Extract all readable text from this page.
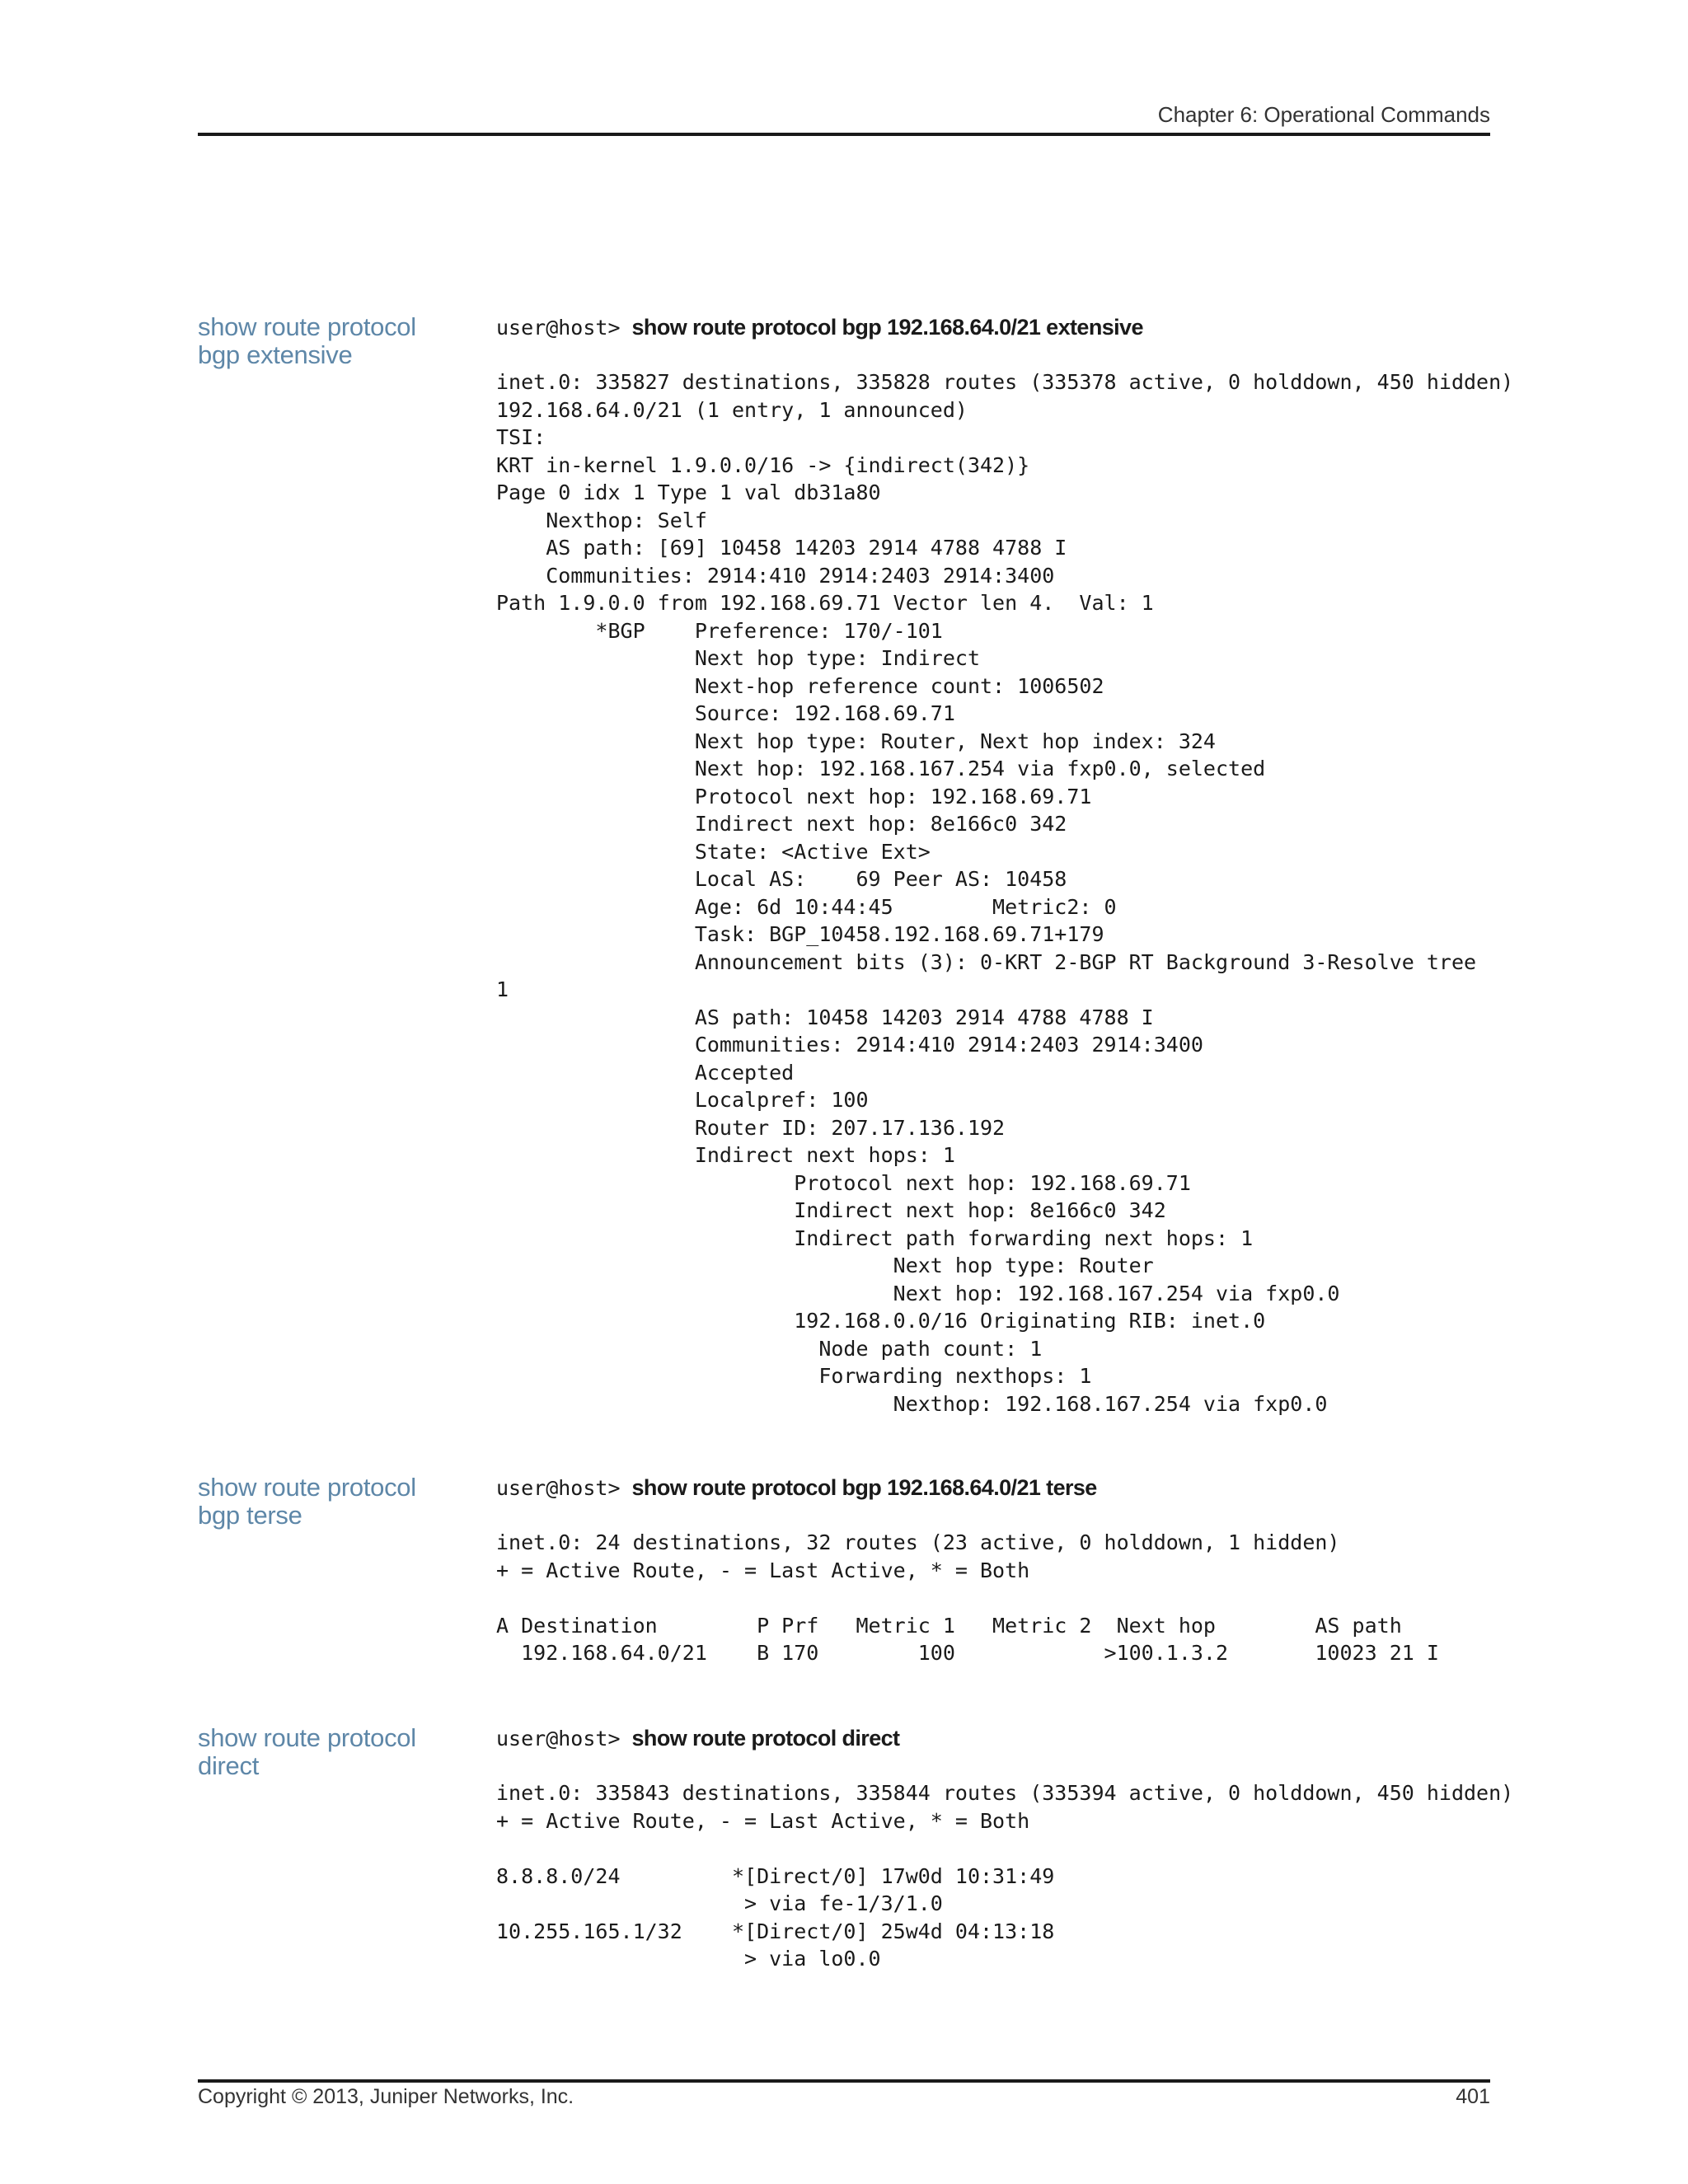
Chapter 6: Operational Commands
show route protocol bgp extensive
user@host> show route protocol bgp 192.168.64.0/21 extensive
inet.0: 335827 destinations, 335828 routes (335378 active, 0 holddown, 450 hidden)
192.168.64.0/21 (1 entry, 1 announced)
TSI:
KRT in-kernel 1.9.0.0/16 -> {indirect(342)}
Page 0 idx 1 Type 1 val db31a80
Nexthop: Self
AS path: [69] 10458 14203 2914 4788 4788 I
Communities: 2914:410 2914:2403 2914:3400
Path 1.9.0.0 from 192.168.69.71 Vector len 4.  Val: 1
*BGP    Preference: 170/-101
Next hop type: Indirect
Next-hop reference count: 1006502
Source: 192.168.69.71
Next hop type: Router, Next hop index: 324
Next hop: 192.168.167.254 via fxp0.0, selected
Protocol next hop: 192.168.69.71
Indirect next hop: 8e166c0 342
State: <Active Ext>
Local AS:    69 Peer AS: 10458
Age: 6d 10:44:45        Metric2: 0
Task: BGP_10458.192.168.69.71+179
Announcement bits (3): 0-KRT 2-BGP RT Background 3-Resolve tree
1
AS path: 10458 14203 2914 4788 4788 I
Communities: 2914:410 2914:2403 2914:3400
Accepted
Localpref: 100
Router ID: 207.17.136.192
Indirect next hops: 1
Protocol next hop: 192.168.69.71
Indirect next hop: 8e166c0 342
Indirect path forwarding next hops: 1
Next hop type: Router
Next hop: 192.168.167.254 via fxp0.0
192.168.0.0/16 Originating RIB: inet.0
Node path count: 1
Forwarding nexthops: 1
Nexthop: 192.168.167.254 via fxp0.0
show route protocol bgp terse
user@host> show route protocol bgp 192.168.64.0/21 terse
inet.0: 24 destinations, 32 routes (23 active, 0 holddown, 1 hidden)
+ = Active Route, - = Last Active, * = Both

A Destination        P Prf   Metric 1   Metric 2  Next hop        AS path
192.168.64.0/21    B 170        100            >100.1.3.2       10023 21 I
show route protocol direct
user@host> show route protocol direct
inet.0: 335843 destinations, 335844 routes (335394 active, 0 holddown, 450 hidden)
+ = Active Route, - = Last Active, * = Both

8.8.8.0/24         *[Direct/0] 17w0d 10:31:49
> via fe-1/3/1.0
10.255.165.1/32    *[Direct/0] 25w4d 04:13:18
> via lo0.0
Copyright © 2013, Juniper Networks, Inc.	401
